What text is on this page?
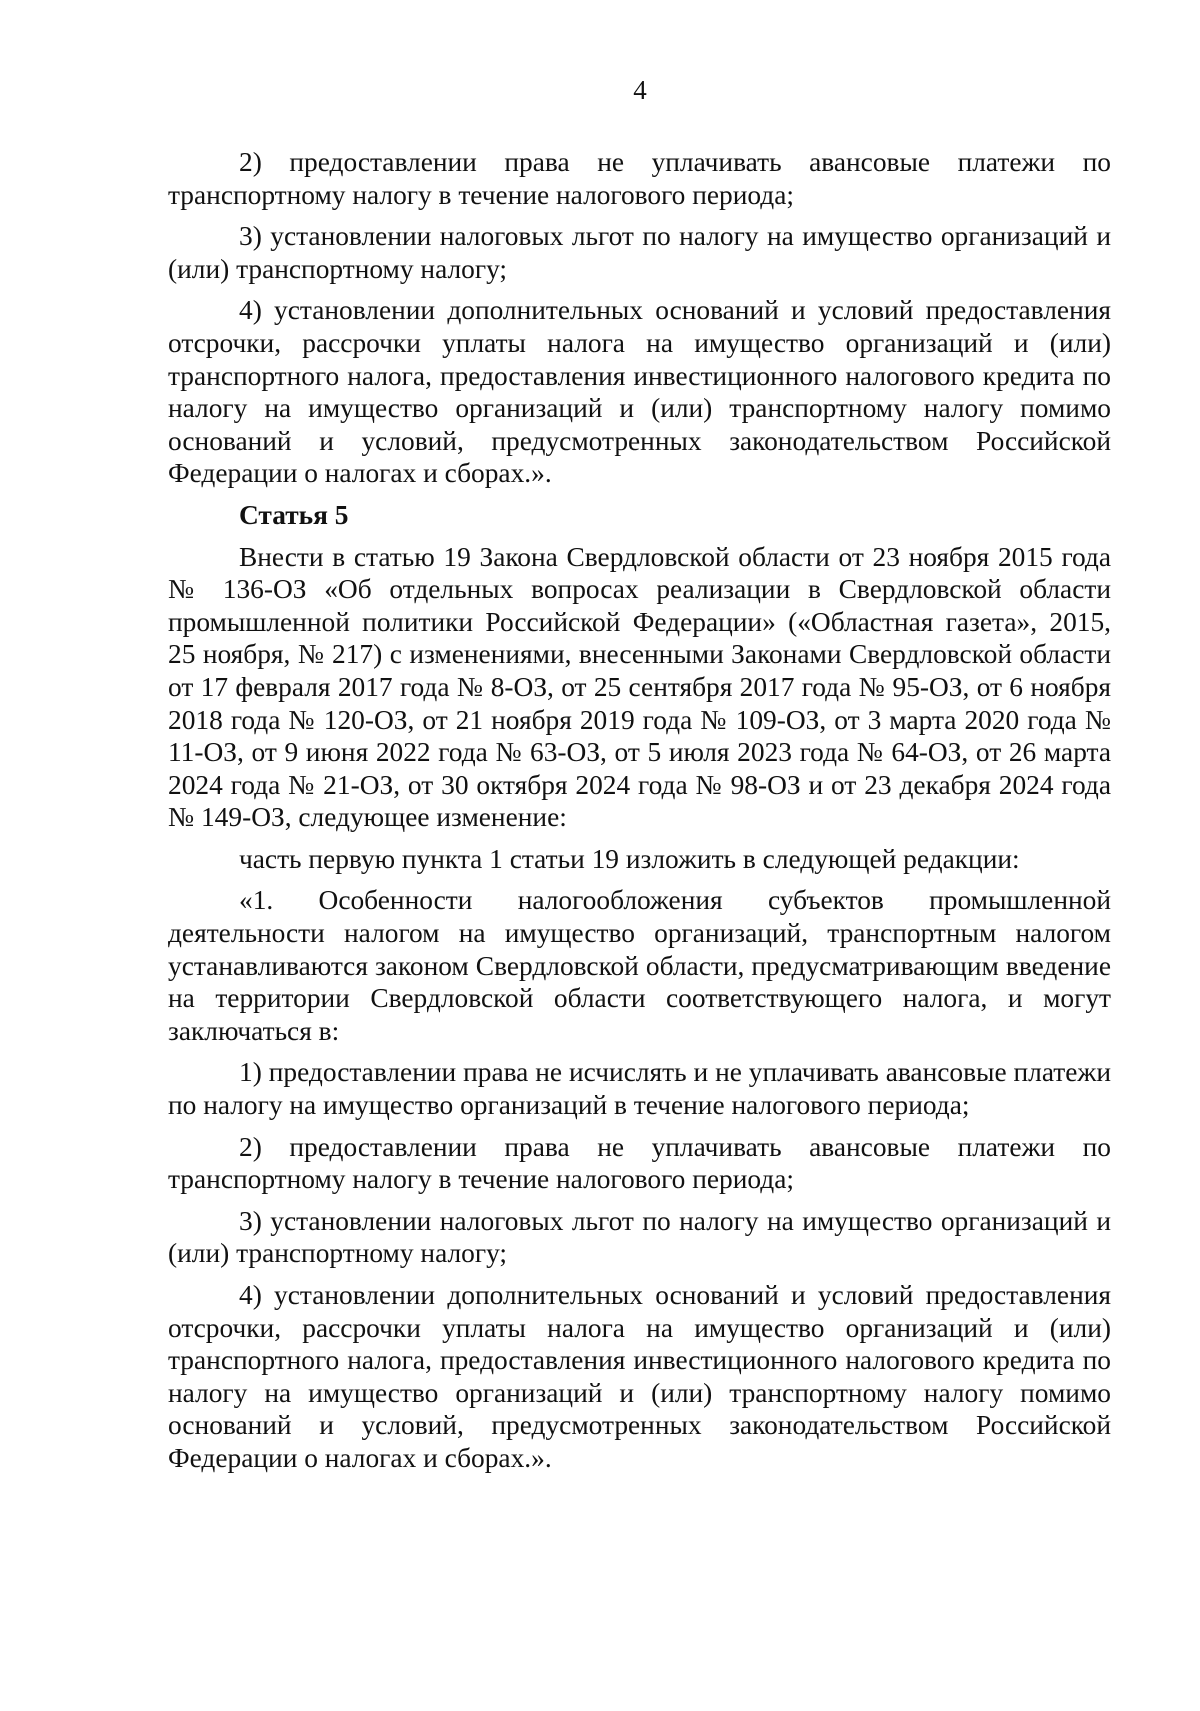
4

2) предоставлении права не уплачивать авансовые платежи по транспортному налогу в течение налогового периода;

3) установлении налоговых льгот по налогу на имущество организаций и (или) транспортному налогу;

4) установлении дополнительных оснований и условий предоставления отсрочки, рассрочки уплаты налога на имущество организаций и (или) транспортного налога, предоставления инвестиционного налогового кредита по налогу на имущество организаций и (или) транспортному налогу помимо оснований и условий, предусмотренных законодательством Российской Федерации о налогах и сборах.».

Статья 5

Внести в статью 19 Закона Свердловской области от 23 ноября 2015 года № 136-ОЗ «Об отдельных вопросах реализации в Свердловской области промышленной политики Российской Федерации» («Областная газета», 2015, 25 ноября, № 217) с изменениями, внесенными Законами Свердловской области от 17 февраля 2017 года № 8-ОЗ, от 25 сентября 2017 года № 95-ОЗ, от 6 ноября 2018 года № 120-ОЗ, от 21 ноября 2019 года № 109-ОЗ, от 3 марта 2020 года № 11-ОЗ, от 9 июня 2022 года № 63-ОЗ, от 5 июля 2023 года № 64-ОЗ, от 26 марта 2024 года № 21-ОЗ, от 30 октября 2024 года № 98-ОЗ и от 23 декабря 2024 года № 149-ОЗ, следующее изменение:

часть первую пункта 1 статьи 19 изложить в следующей редакции:

«1. Особенности налогообложения субъектов промышленной деятельности налогом на имущество организаций, транспортным налогом устанавливаются законом Свердловской области, предусматривающим введение на территории Свердловской области соответствующего налога, и могут заключаться в:

1) предоставлении права не исчислять и не уплачивать авансовые платежи по налогу на имущество организаций в течение налогового периода;

2) предоставлении права не уплачивать авансовые платежи по транспортному налогу в течение налогового периода;

3) установлении налоговых льгот по налогу на имущество организаций и (или) транспортному налогу;

4) установлении дополнительных оснований и условий предоставления отсрочки, рассрочки уплаты налога на имущество организаций и (или) транспортного налога, предоставления инвестиционного налогового кредита по налогу на имущество организаций и (или) транспортному налогу помимо оснований и условий, предусмотренных законодательством Российской Федерации о налогах и сборах.».
